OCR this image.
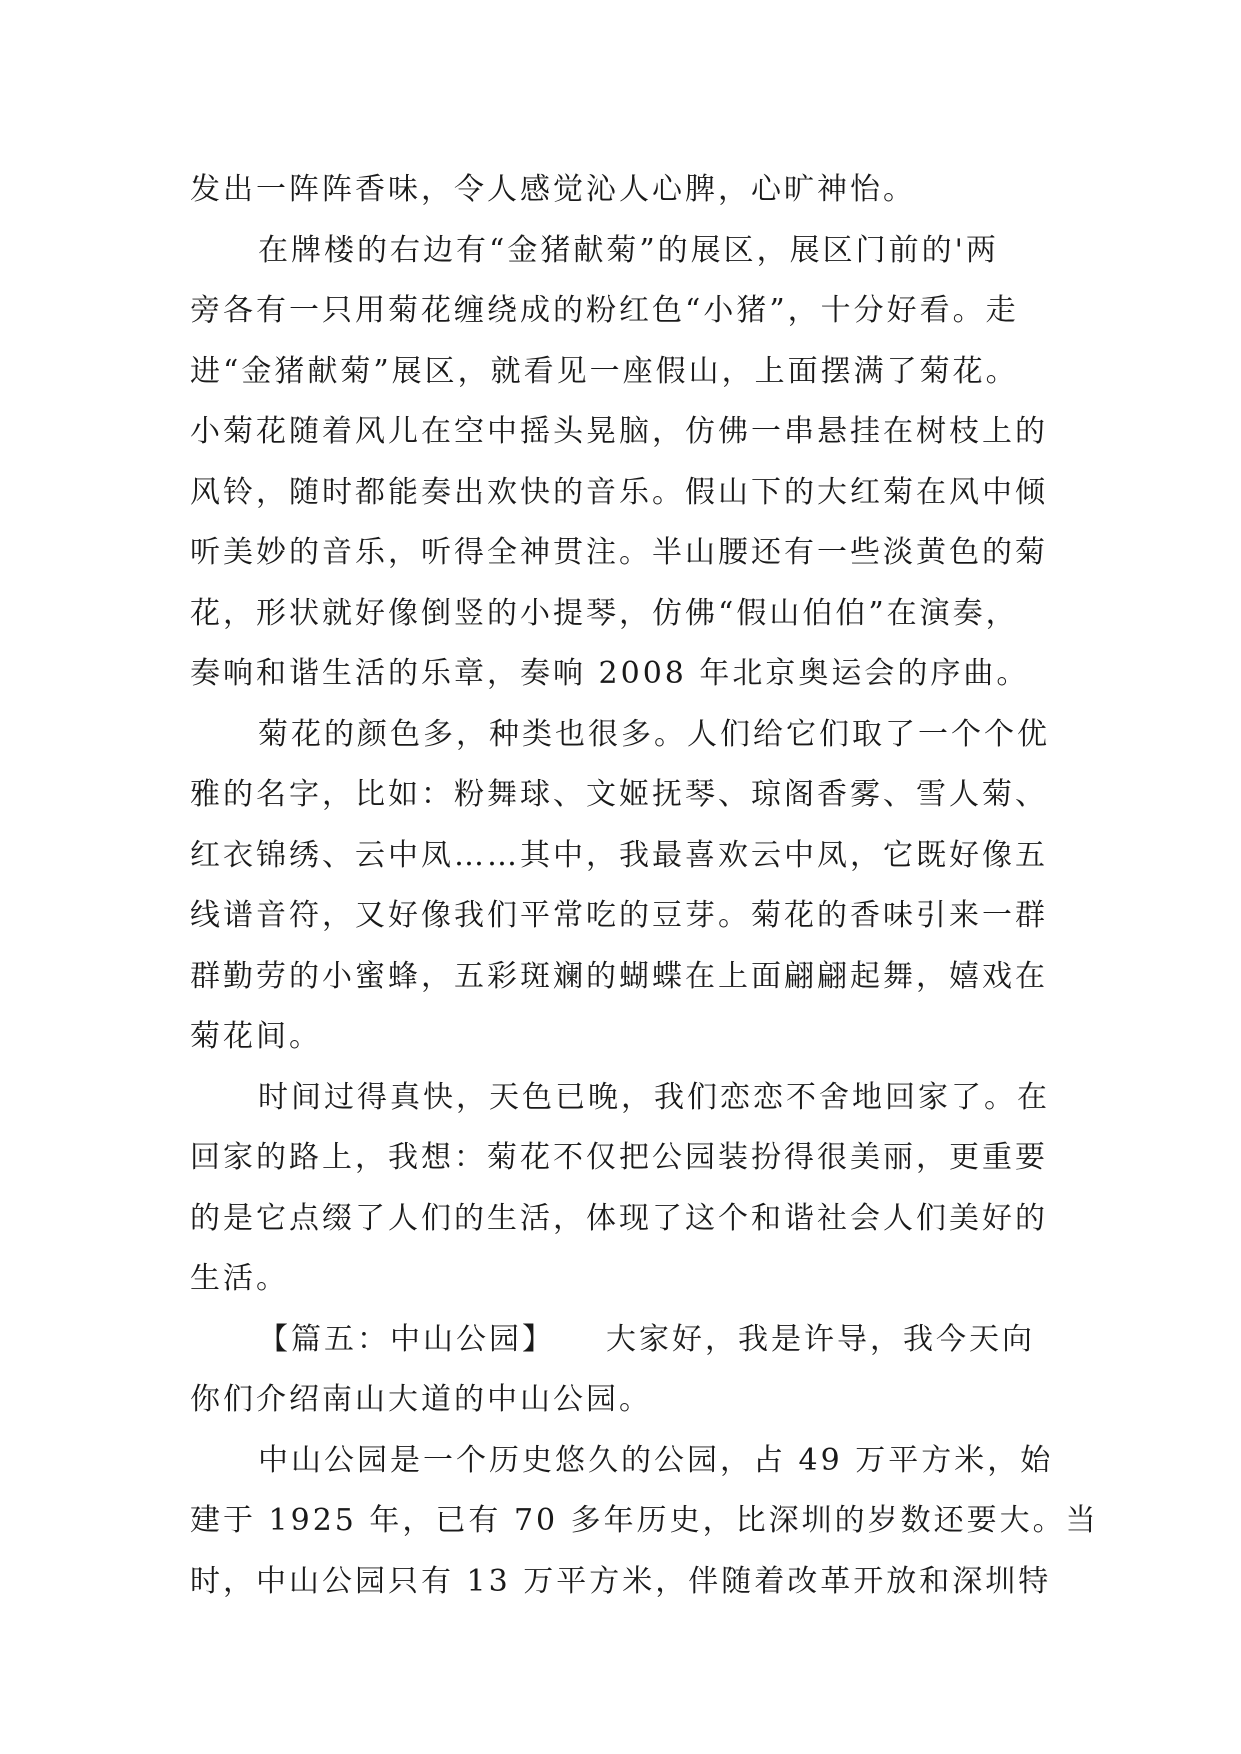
发出一阵阵香味，令人感觉沁人心脾，心旷神怡。
在牌楼的右边有“金猪献菊”的展区，展区门前的'两
旁各有一只用菊花缠绕成的粉红色“小猪”，十分好看。走
进“金猪献菊”展区，就看见一座假山，上面摆满了菊花。
小菊花随着风儿在空中摇头晃脑，仿佛一串悬挂在树枝上的
风铃，随时都能奏出欢快的音乐。假山下的大红菊在风中倾
听美妙的音乐，听得全神贯注。半山腰还有一些淡黄色的菊
花，形状就好像倒竖的小提琴，仿佛“假山伯伯”在演奏，
奏响和谐生活的乐章，奏响 2008 年北京奥运会的序曲。
菊花的颜色多，种类也很多。人们给它们取了一个个优
雅的名字，比如：粉舞球、文姬抚琴、琼阁香雾、雪人菊、
红衣锦绣、云中凤……其中，我最喜欢云中凤，它既好像五
线谱音符，又好像我们平常吃的豆芽。菊花的香味引来一群
群勤劳的小蜜蜂，五彩斑斓的蝴蝶在上面翩翩起舞，嬉戏在
菊花间。
时间过得真快，天色已晚，我们恋恋不舍地回家了。在
回家的路上，我想：菊花不仅把公园装扮得很美丽，更重要
的是它点缀了人们的生活，体现了这个和谐社会人们美好的
生活。
【篇五：中山公园】　　大家好，我是许导，我今天向
你们介绍南山大道的中山公园。
中山公园是一个历史悠久的公园，占 49 万平方米，始
建于 1925 年，已有 70 多年历史，比深圳的岁数还要大。当
时，中山公园只有 13 万平方米，伴随着改革开放和深圳特
